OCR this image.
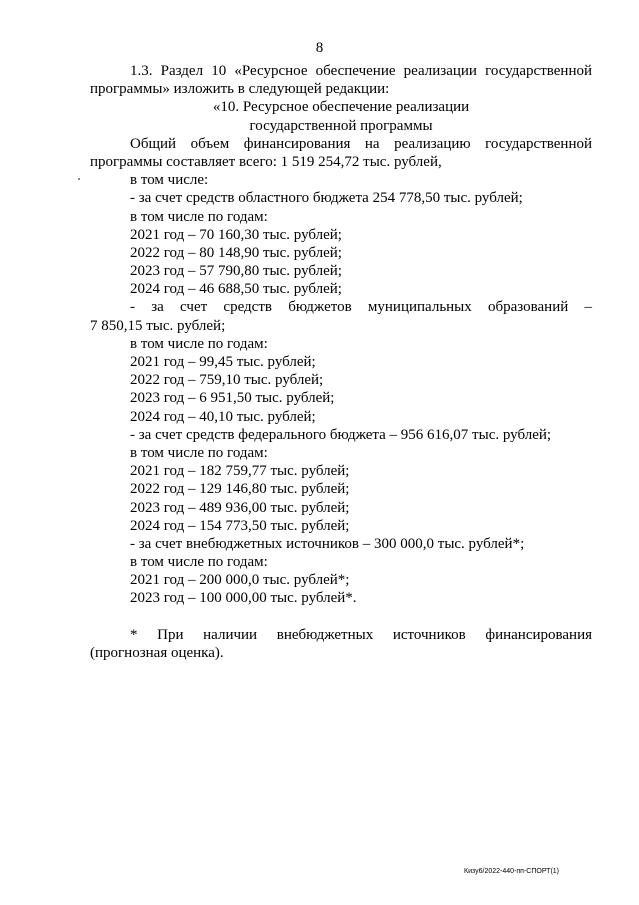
8
1.3. Раздел 10 «Ресурсное обеспечение реализации государственной
программы» изложить в следующей редакции:
«10. Ресурсное обеспечение реализации
государственной программы
Общий объем финансирования на реализацию государственной
программы составляет всего: 1 519 254,72 тыс. рублей,
в том числе:
- за счет средств областного бюджета 254 778,50 тыс. рублей;
в том числе по годам:
2021 год – 70 160,30 тыс. рублей;
2022 год – 80 148,90 тыс. рублей;
2023 год – 57 790,80 тыс. рублей;
2024 год – 46 688,50 тыс. рублей;
- за счет средств бюджетов муниципальных образований –
7 850,15 тыс. рублей;
в том числе по годам:
2021 год – 99,45 тыс. рублей;
2022 год – 759,10 тыс. рублей;
2023 год – 6 951,50 тыс. рублей;
2024 год – 40,10 тыс. рублей;
- за счет средств федерального бюджета – 956 616,07 тыс. рублей;
в том числе по годам:
2021 год – 182 759,77 тыс. рублей;
2022 год – 129 146,80 тыс. рублей;
2023 год – 489 936,00 тыс. рублей;
2024 год – 154 773,50 тыс. рублей;
- за счет внебюджетных источников – 300 000,0 тыс. рублей*;
в том числе по годам:
2021 год – 200 000,0 тыс. рублей*;
2023 год – 100 000,00 тыс. рублей*.
* При наличии внебюджетных источников финансирования
(прогнозная оценка).
Кизу6/2022-440-пп-СПОРТ(1)
